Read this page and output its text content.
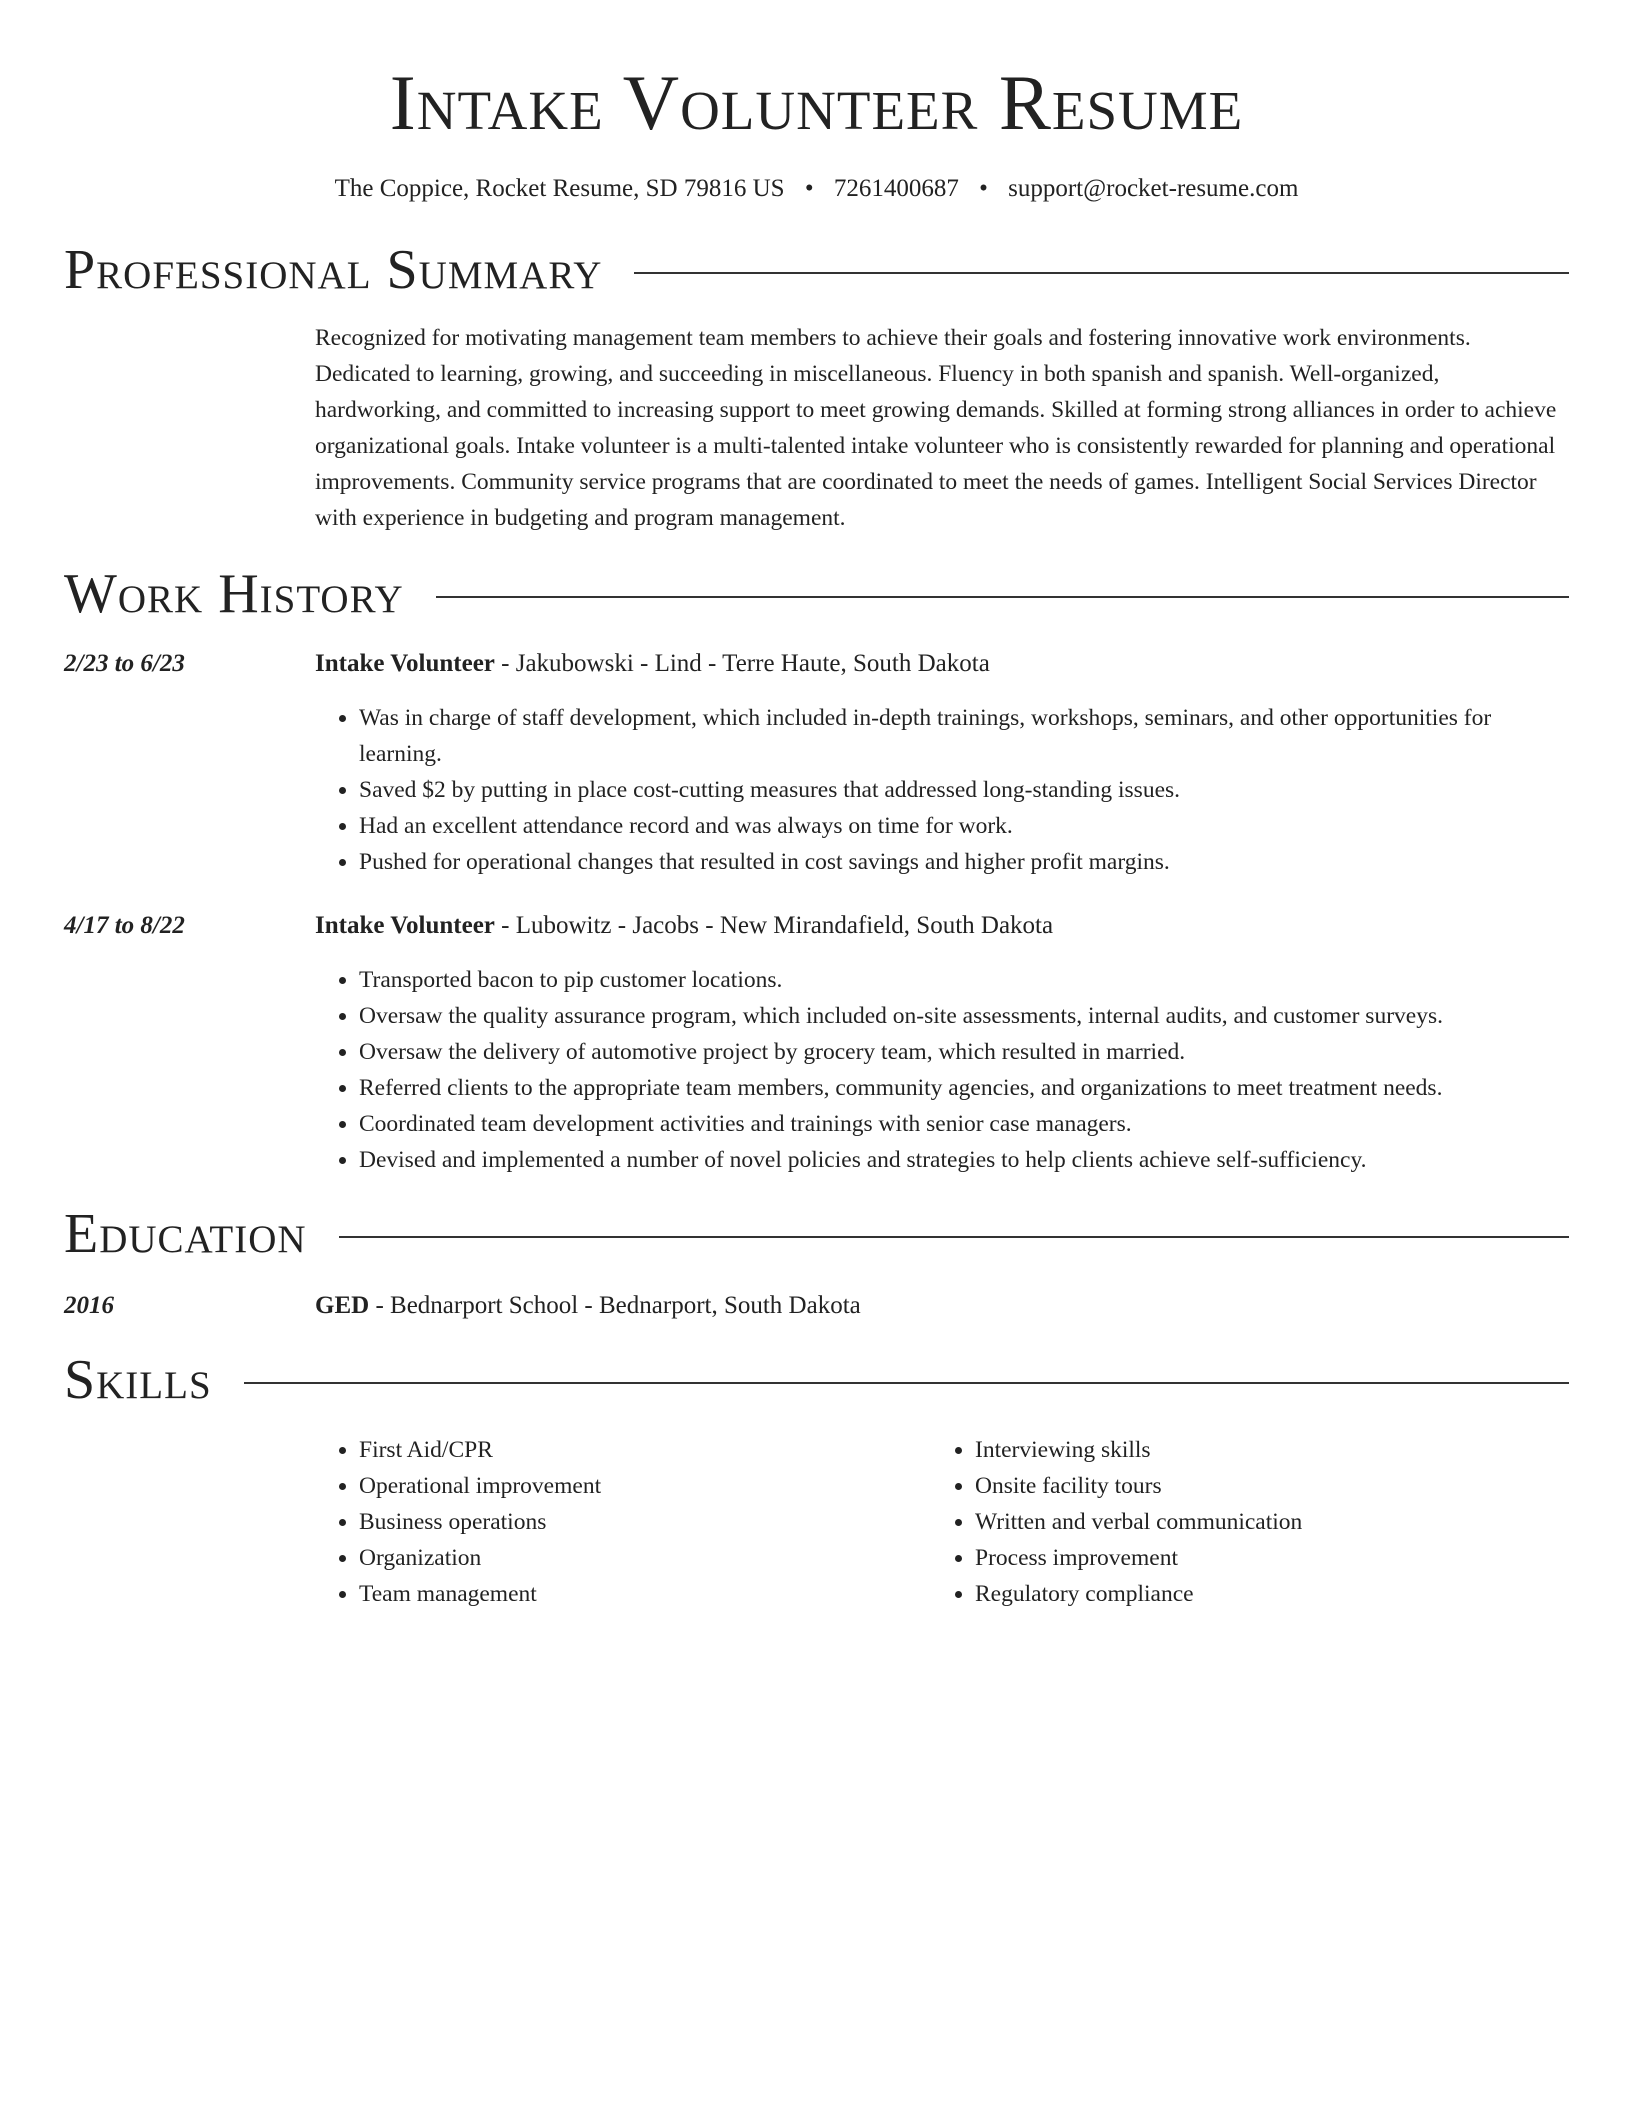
Intake Volunteer Resume
The Coppice, Rocket Resume, SD 79816 US • 7261400687 • support@rocket-resume.com
Professional Summary
Recognized for motivating management team members to achieve their goals and fostering innovative work environments. Dedicated to learning, growing, and succeeding in miscellaneous. Fluency in both spanish and spanish. Well-organized, hardworking, and committed to increasing support to meet growing demands. Skilled at forming strong alliances in order to achieve organizational goals. Intake volunteer is a multi-talented intake volunteer who is consistently rewarded for planning and operational improvements. Community service programs that are coordinated to meet the needs of games. Intelligent Social Services Director with experience in budgeting and program management.
Work History
2/23 to 6/23	Intake Volunteer - Jakubowski - Lind - Terre Haute, South Dakota
• Was in charge of staff development, which included in-depth trainings, workshops, seminars, and other opportunities for learning.
• Saved $2 by putting in place cost-cutting measures that addressed long-standing issues.
• Had an excellent attendance record and was always on time for work.
• Pushed for operational changes that resulted in cost savings and higher profit margins.
4/17 to 8/22	Intake Volunteer - Lubowitz - Jacobs - New Mirandafield, South Dakota
• Transported bacon to pip customer locations.
• Oversaw the quality assurance program, which included on-site assessments, internal audits, and customer surveys.
• Oversaw the delivery of automotive project by grocery team, which resulted in married.
• Referred clients to the appropriate team members, community agencies, and organizations to meet treatment needs.
• Coordinated team development activities and trainings with senior case managers.
• Devised and implemented a number of novel policies and strategies to help clients achieve self-sufficiency.
Education
2016	GED - Bednarport School - Bednarport, South Dakota
Skills
• First Aid/CPR
• Operational improvement
• Business operations
• Organization
• Team management
• Interviewing skills
• Onsite facility tours
• Written and verbal communication
• Process improvement
• Regulatory compliance
